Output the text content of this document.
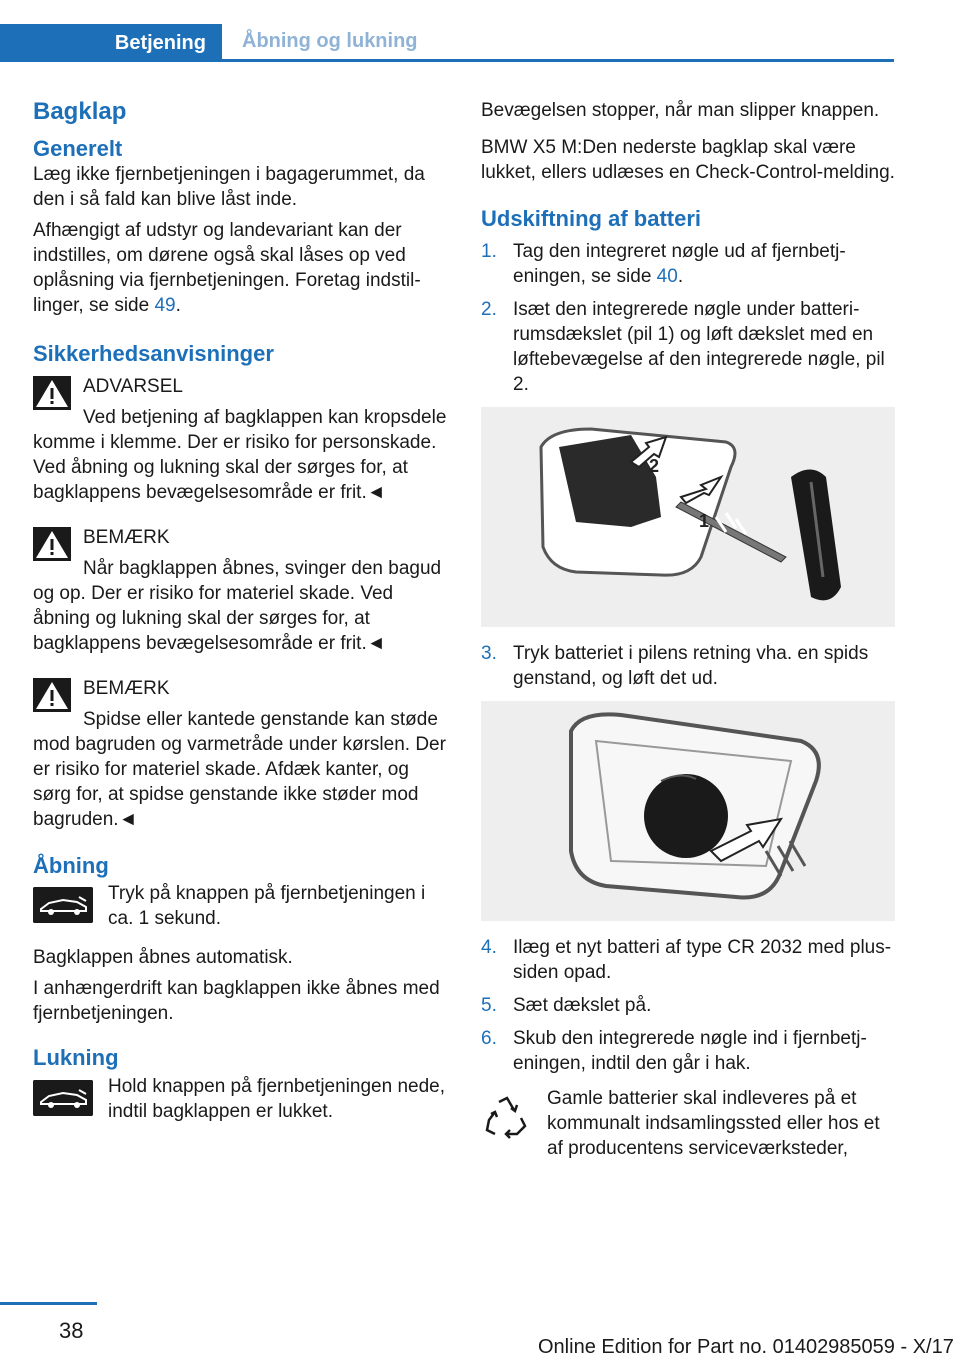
Betjening	Åbning og lukning
Bagklap
Generelt

Læg ikke fjernbetjeningen i bagagerummet, da den i så fald kan blive låst inde.

Afhængigt af udstyr og landevariant kan der indstilles, om dørene også skal låses op ved oplåsning via fjernbetjeningen. Foretag indstillinger, se side 49.

Sikkerhedsanvisninger
ADVARSEL
Ved betjening af bagklappen kan kropsdele komme i klemme. Der er risiko for personskade. Ved åbning og lukning skal der sørges for, at bagklappens bevægelsesområde er frit.◄
BEMÆRK
Når bagklappen åbnes, svinger den bagud og op. Der er risiko for materiel skade. Ved åbning og lukning skal der sørges for, at bagklappens bevægelsesområde er frit.◄
BEMÆRK
Spidse eller kantede genstande kan støde mod bagruden og varmetråde under kørslen. Der er risiko for materiel skade. Afdæk kanter, og sørg for, at spidse genstande ikke støder mod bagruden.◄
Åbning

Tryk på knappen på fjernbetjeningen i ca. 1 sekund.

Bagklappen åbnes automatisk.

I anhængerdrift kan bagklappen ikke åbnes med fjernbetjeningen.

Lukning

Hold knappen på fjernbetjeningen nede, indtil bagklappen er lukket.

Bevægelsen stopper, når man slipper knappen.

BMW X5 M:Den nederste bagklap skal være lukket, ellers udlæses en Check-Control-melding.

Udskiftning af batteri
1. Tag den integreret nøgle ud af fjernbetjeningen, se side 40.
2. Isæt den integrerede nøgle under batterirumsdækslet (pil 1) og løft dækslet med en løftebevægelse af den integrerede nøgle, pil 2.
1
2
3. Tryk batteriet i pilens retning vha. en spids genstand, og løft det ud.
4. Ilæg et nyt batteri af type CR 2032 med plus-siden opad.
5. Sæt dækslet på.
6. Skub den integrerede nøgle ind i fjernbetjeningen, indtil den går i hak.

Gamle batterier skal indleveres på et kommunalt indsamlingssted eller hos et af producentens serviceværksteder,

38
Online Edition for Part no. 01402985059 - X/17
